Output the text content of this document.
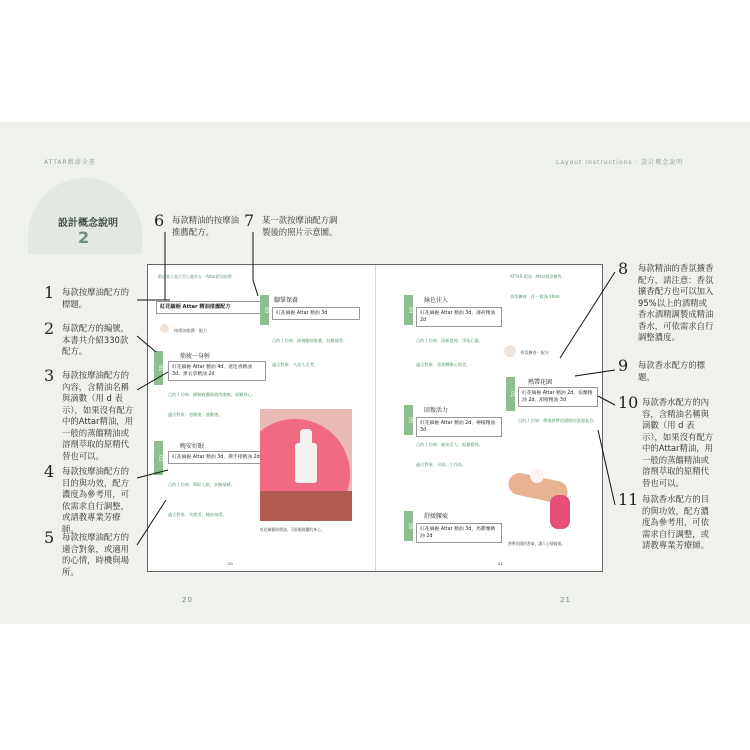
ATTAR精油全書	Layout Instructions · 設計概念說明
設計概念說明
2
1 每款按摩油配方的標題。
2 每款配方的編號，本書共介紹330款配方。
3 每款按摩油配方的內容，含精油名稱與滴數（用 d 表示），如果沒有配方中的Attar精油，用一般的蒸餾精油或溶劑萃取的原精代替也可以。
4 每款按摩油配方的目的與功效，配方濃度為參考用，可依需求自行調整，或請教專業芳療師。
5 每款按摩油配方的適合對象，或適用的心情，時機與場所。
6 每款精油的按摩油推薦配方。
7 某一款按摩油配方調製後的照片示意圖。
8	每款精油的香氛擴香配方，請注意：香氛擴香配方也可以加入95%以上的酒精或香水酒精調製成精油香水，可依需求自行調整濃度。
9	每款香水配方的標題。
10 每款香水配方的內容，含精油名稱與滴數（用 d 表示），如果沒有配方中的Attar精油，用一般的蒸餾精油或溶劑萃取的原精代替也可以。
11 每款香水配方的目的與功效，配方濃度為參考用，可依需求自行調整，或請教專業芳療師。
歡迎進入超大型心靈外在 · Attar精油按摩	ATTAR 精油 · Attar精油擴香
紅花緬梔 Attar 精油推薦配方
按摩油推薦 · 配方
筋疲一身輕
01	紅花緬梔 Attar 精油 4d、迷迭香精油 3d、薰衣草精油 2d
目的 / 功效：緩解疲憊與肌肉痠痛，放鬆身心。
適合對象：勞動後、運動後。
晚安好眠
02	紅花緬梔 Attar 精油 3d、佛手柑精油 2d
目的 / 功效：幫助入眠，安撫情緒。
適合對象：失眠者、睡前按摩。
腳掌保養
03
紅花緬梔 Attar 精油 3d
目的 / 功效：滋養腳部肌膚，舒緩疲勞。
適合對象：久站久走者。
紅花緬梔按摩油，可舒緩疲憊的身心。
綠色佳人
04
紅花緬梔 Attar 精油 3d、薄荷精油 2d
目的 / 功效：清新提神，淨化心靈。
適合對象：需要轉換心情者。
回復活力
05
紅花緬梔 Attar 精油 2d、檸檬精油 3d
目的 / 功效：補充活力，振奮精神。
適合對象：早晨、工作前。
舒緩腰痠
06
紅花緬梔 Attar 精油 3d、馬鬱蘭精油 2d
香氛擴香 · 配方
香氛擴香：任一精油 10ml
熱帶花園
01	紅花緬梔 Attar 精油 2d、依蘭精油 2d、甜橙精油 3d
目的 / 功效：帶來熱帶花園般的浪漫氣息。
熱帶花園的香氣，讓人心情愉悅。
20	21
20	21
